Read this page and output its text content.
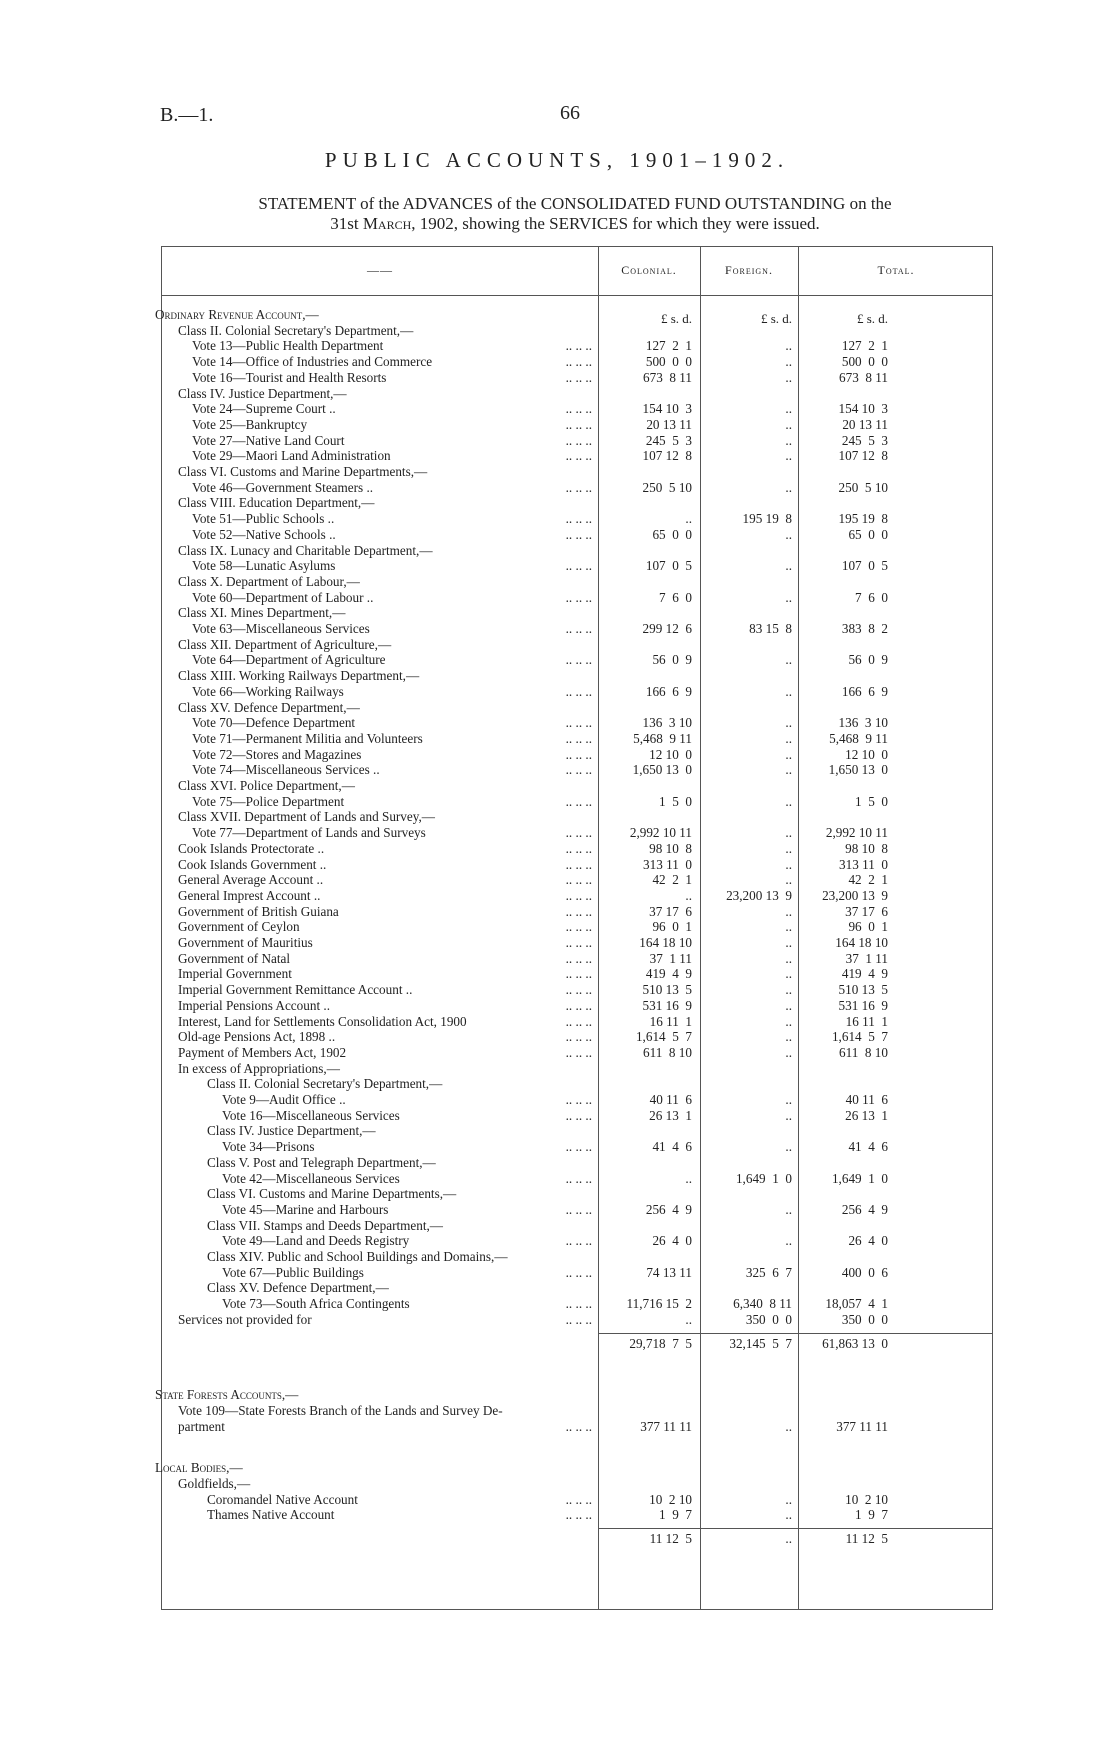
B.—1.	66
PUBLIC ACCOUNTS, 1901–1902.
STATEMENT of the ADVANCES of the CONSOLIDATED FUND OUTSTANDING on the
31st March, 1902, showing the SERVICES for which they were issued.
——	Colonial.	Foreign.	Total.
£ s. d.	£ s. d.	£ s. d.
Ordinary Revenue Account,—
Class II. Colonial Secretary's Department,—
Vote 13—Public Health Department	.. .. ..	127  2  1	..	127  2  1
Vote 14—Office of Industries and Commerce	.. .. ..	500  0  0	..	500  0  0
Vote 16—Tourist and Health Resorts	.. .. ..	673  8 11	..	673  8 11
Class IV. Justice Department,—
Vote 24—Supreme Court ..	.. .. ..	154 10  3	..	154 10  3
Vote 25—Bankruptcy	.. .. ..	20 13 11	..	20 13 11
Vote 27—Native Land Court	.. .. ..	245  5  3	..	245  5  3
Vote 29—Maori Land Administration	.. .. ..	107 12  8	..	107 12  8
Class VI. Customs and Marine Departments,—
Vote 46—Government Steamers ..	.. .. ..	250  5 10	..	250  5 10
Class VIII. Education Department,—
Vote 51—Public Schools ..	.. .. ..	..	195 19  8	195 19  8
Vote 52—Native Schools ..	.. .. ..	65  0  0	..	65  0  0
Class IX. Lunacy and Charitable Department,—
Vote 58—Lunatic Asylums	.. .. ..	107  0  5	..	107  0  5
Class X. Department of Labour,—
Vote 60—Department of Labour ..	.. .. ..	7  6  0	..	7  6  0
Class XI. Mines Department,—
Vote 63—Miscellaneous Services	.. .. ..	299 12  6	83 15  8	383  8  2
Class XII. Department of Agriculture,—
Vote 64—Department of Agriculture	.. .. ..	56  0  9	..	56  0  9
Class XIII. Working Railways Department,—
Vote 66—Working Railways	.. .. ..	166  6  9	..	166  6  9
Class XV. Defence Department,—
Vote 70—Defence Department	.. .. ..	136  3 10	..	136  3 10
Vote 71—Permanent Militia and Volunteers	.. .. ..	5,468  9 11	..	5,468  9 11
Vote 72—Stores and Magazines	.. .. ..	12 10  0	..	12 10  0
Vote 74—Miscellaneous Services ..	.. .. ..	1,650 13  0	..	1,650 13  0
Class XVI. Police Department,—
Vote 75—Police Department	.. .. ..	1  5  0	..	1  5  0
Class XVII. Department of Lands and Survey,—
Vote 77—Department of Lands and Surveys	.. .. ..	2,992 10 11	..	2,992 10 11
Cook Islands Protectorate ..	.. .. ..	98 10  8	..	98 10  8
Cook Islands Government ..	.. .. ..	313 11  0	..	313 11  0
General Average Account ..	.. .. ..	42  2  1	..	42  2  1
General Imprest Account ..	.. .. ..	..	23,200 13  9	23,200 13  9
Government of British Guiana	.. .. ..	37 17  6	..	37 17  6
Government of Ceylon	.. .. ..	96  0  1	..	96  0  1
Government of Mauritius	.. .. ..	164 18 10	..	164 18 10
Government of Natal	.. .. ..	37  1 11	..	37  1 11
Imperial Government	.. .. ..	419  4  9	..	419  4  9
Imperial Government Remittance Account ..	.. .. ..	510 13  5	..	510 13  5
Imperial Pensions Account ..	.. .. ..	531 16  9	..	531 16  9
Interest, Land for Settlements Consolidation Act, 1900	.. .. ..	16 11  1	..	16 11  1
Old-age Pensions Act, 1898 ..	.. .. ..	1,614  5  7	..	1,614  5  7
Payment of Members Act, 1902	.. .. ..	611  8 10	..	611  8 10
In excess of Appropriations,—
Class II. Colonial Secretary's Department,—
Vote 9—Audit Office ..	.. .. ..	40 11  6	..	40 11  6
Vote 16—Miscellaneous Services	.. .. ..	26 13  1	..	26 13  1
Class IV. Justice Department,—
Vote 34—Prisons	.. .. ..	41  4  6	..	41  4  6
Class V. Post and Telegraph Department,—
Vote 42—Miscellaneous Services	.. .. ..	..	1,649  1  0	1,649  1  0
Class VI. Customs and Marine Departments,—
Vote 45—Marine and Harbours	.. .. ..	256  4  9	..	256  4  9
Class VII. Stamps and Deeds Department,—
Vote 49—Land and Deeds Registry	.. .. ..	26  4  0	..	26  4  0
Class XIV. Public and School Buildings and Domains,—
Vote 67—Public Buildings	.. .. ..	74 13 11	325  6  7	400  0  6
Class XV. Defence Department,—
Vote 73—South Africa Contingents	.. .. ..	11,716 15  2	6,340  8 11	18,057  4  1
Services not provided for	.. .. ..	..	350  0  0	350  0  0
29,718  7  5	32,145  5  7	61,863 13  0
State Forests Accounts,—
Vote 109—State Forests Branch of the Lands and Survey De-
partment	.. .. ..	377 11 11	..	377 11 11
Local Bodies,—
Goldfields,—
Coromandel Native Account	.. .. ..	10  2 10	..	10  2 10
Thames Native Account	.. .. ..	1  9  7	..	1  9  7
11 12  5	..	11 12  5
